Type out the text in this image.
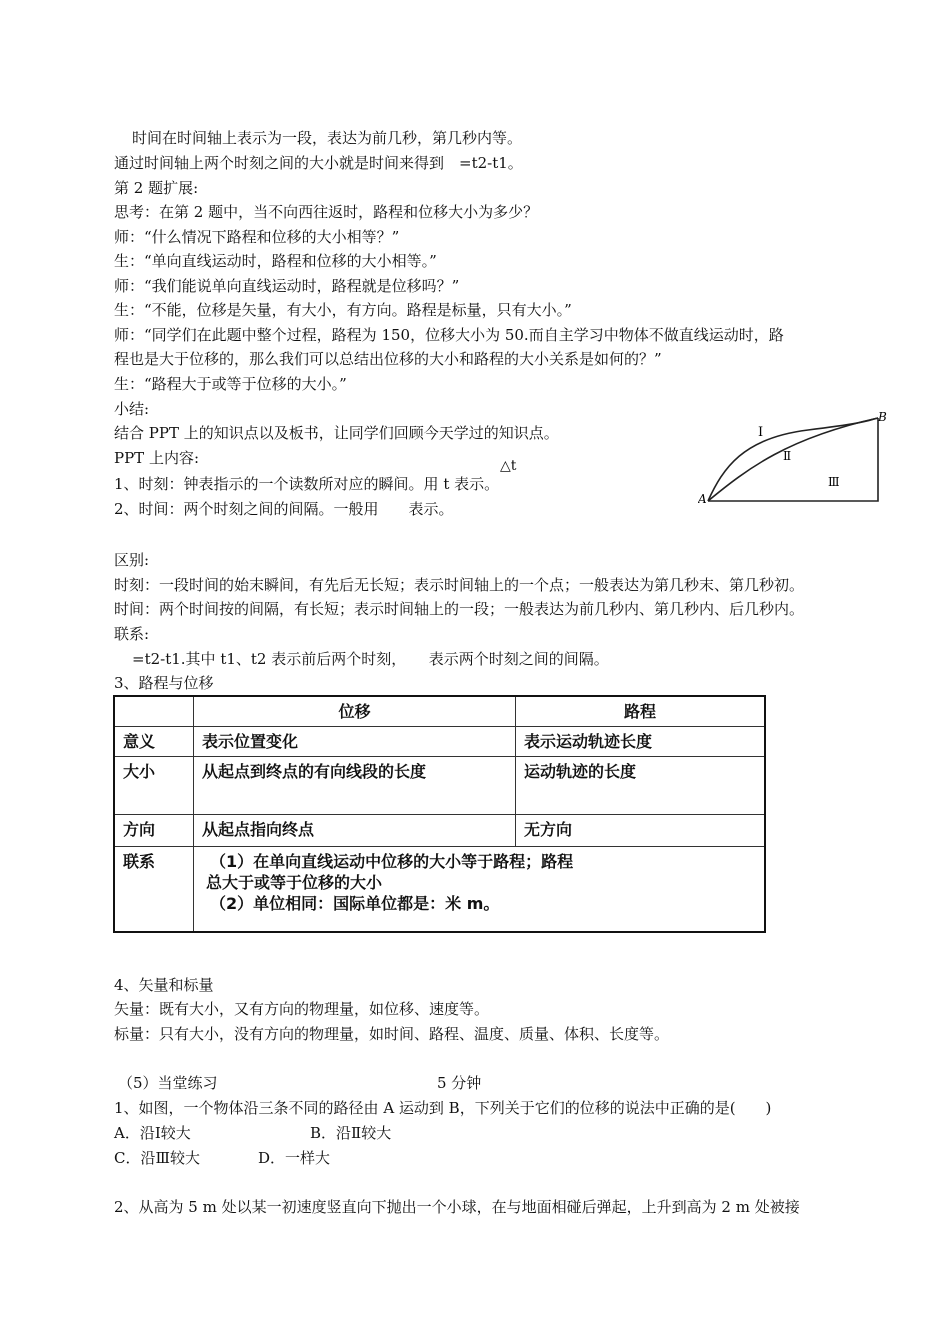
时间在时间轴上表示为一段，表达为前几秒，第几秒内等。
通过时间轴上两个时刻之间的大小就是时间来得到　=t2-t1。
第 2 题扩展:
思考：在第 2 题中，当不向西往返时，路程和位移大小为多少？
师：“什么情况下路程和位移的大小相等？”
生：“单向直线运动时，路程和位移的大小相等。”
师：“我们能说单向直线运动时，路程就是位移吗？”
生：“不能，位移是矢量，有大小，有方向。路程是标量，只有大小。”
师：“同学们在此题中整个过程，路程为 150，位移大小为 50.而自主学习中物体不做直线运动时，路
程也是大于位移的，那么我们可以总结出位移的大小和路程的大小关系是如何的？”
生：“路程大于或等于位移的大小。”
小结:
结合 PPT 上的知识点以及板书，让同学们回顾今天学过的知识点。
PPT 上内容:	△t
1、时刻：钟表指示的一个读数所对应的瞬间。用 t 表示。
2、时间：两个时刻之间的间隔。一般用　　表示。
区别:
时刻：一段时间的始末瞬间，有先后无长短；表示时间轴上的一个点；一般表达为第几秒末、第几秒初。
时间：两个时间按的间隔，有长短；表示时间轴上的一段；一般表达为前几秒内、第几秒内、后几秒内。
联系:
=t2-t1.其中 t1、t2 表示前后两个时刻，　　表示两个时刻之间的间隔。
3、路程与位移
	位移	路程
意义	表示位置变化	表示运动轨迹长度
大小	从起点到终点的有向线段的长度	运动轨迹的长度
方向	从起点指向终点	无方向
联系	（1）在单向直线运动中位移的大小等于路程；路程
总大于或等于位移的大小
（2）单位相同：国际单位都是：米 m。	
4、矢量和标量
矢量：既有大小，又有方向的物理量，如位移、速度等。
标量：只有大小，没有方向的物理量，如时间、路程、温度、质量、体积、长度等。
（5）当堂练习	5 分钟
1、如图，一个物体沿三条不同的路径由 A 运动到 B，下列关于它们的位移的说法中正确的是(　　)
A．沿Ⅰ较大	B．沿Ⅱ较大
C．沿Ⅲ较大	D．一样大
2、从高为 5 m 处以某一初速度竖直向下抛出一个小球，在与地面相碰后弹起，上升到高为 2 m 处被接
A
B
Ⅰ
Ⅱ
Ⅲ
